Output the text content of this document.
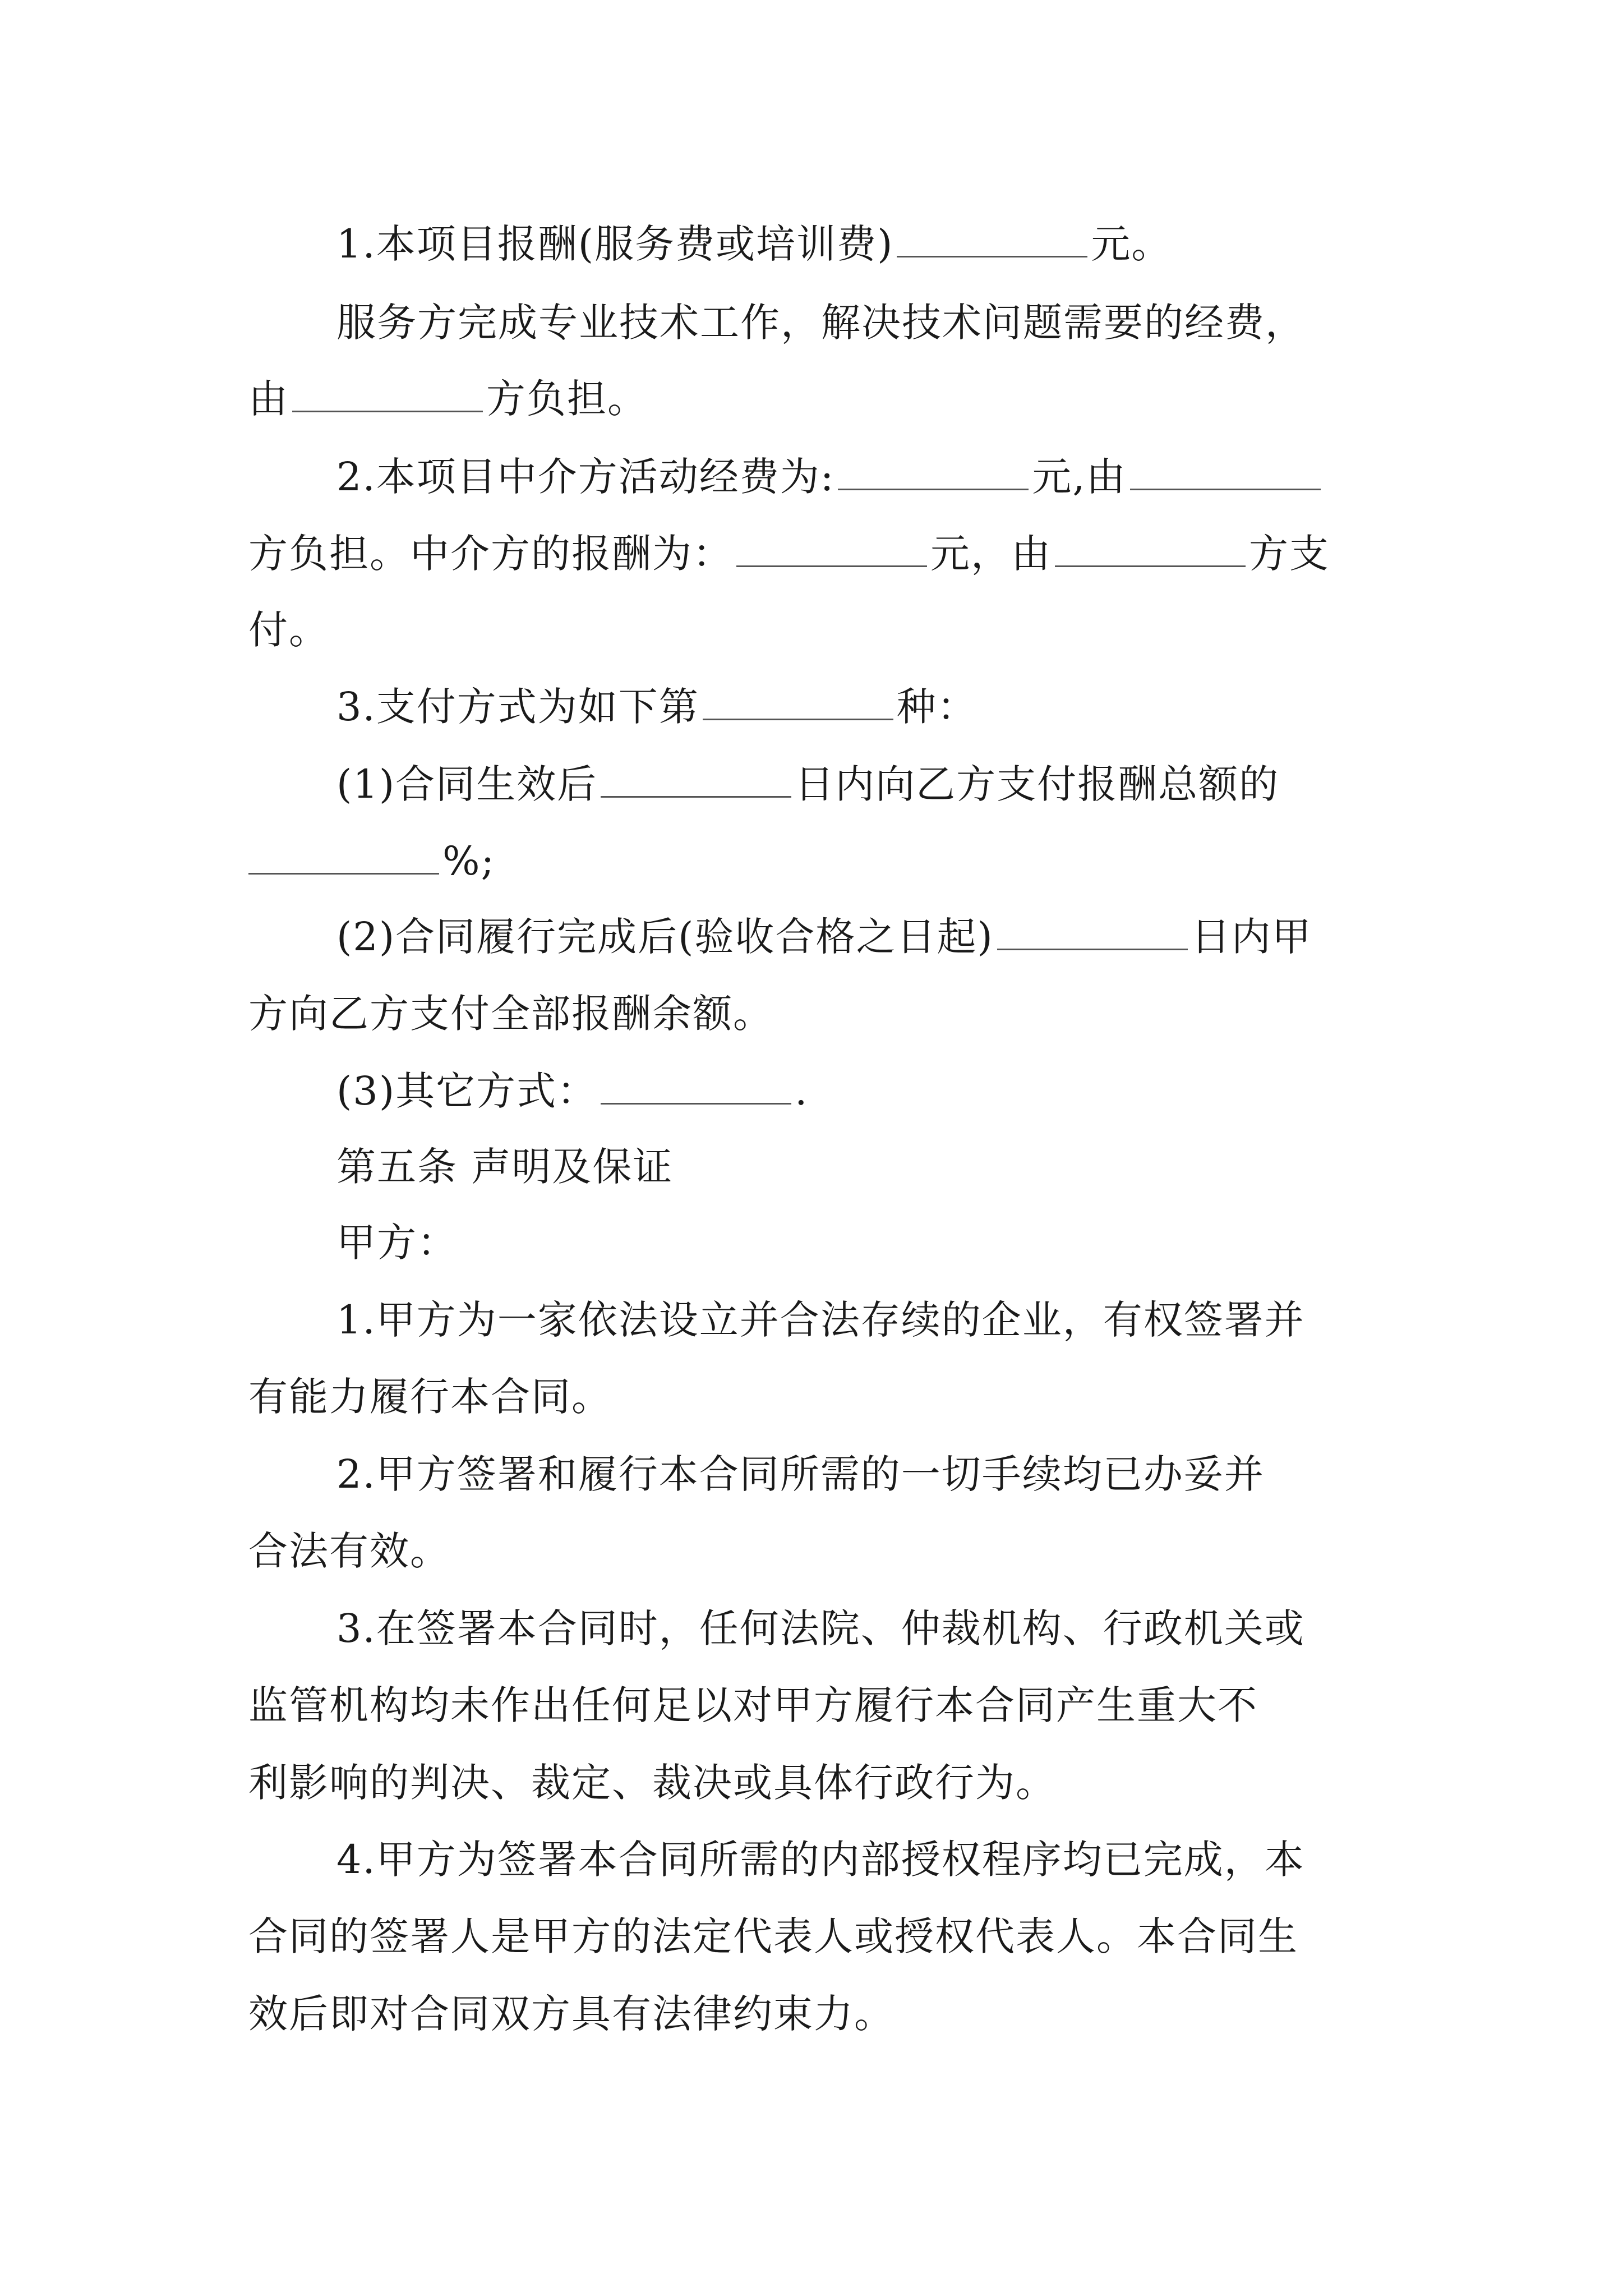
1.本项目报酬(服务费或培训费)	元。
服务方完成专业技术工作，解决技术问题需要的经费，
由	方负担。
2.本项目中介方活动经费为:	元,由
方负担。中介方的报酬为：	元，由	方支
付。
3.支付方式为如下第	种：
(1)合同生效后	日内向乙方支付报酬总额的
%;
(2)合同履行完成后(验收合格之日起)	日内甲
方向乙方支付全部报酬余额。
(3)其它方式：	.
第五条 声明及保证
甲方：
1.甲方为一家依法设立并合法存续的企业，有权签署并
有能力履行本合同。
2.甲方签署和履行本合同所需的一切手续均已办妥并
合法有效。
3.在签署本合同时，任何法院、仲裁机构、行政机关或
监管机构均未作出任何足以对甲方履行本合同产生重大不
利影响的判决、裁定、裁决或具体行政行为。
4.甲方为签署本合同所需的内部授权程序均已完成，本
合同的签署人是甲方的法定代表人或授权代表人。本合同生
效后即对合同双方具有法律约束力。
